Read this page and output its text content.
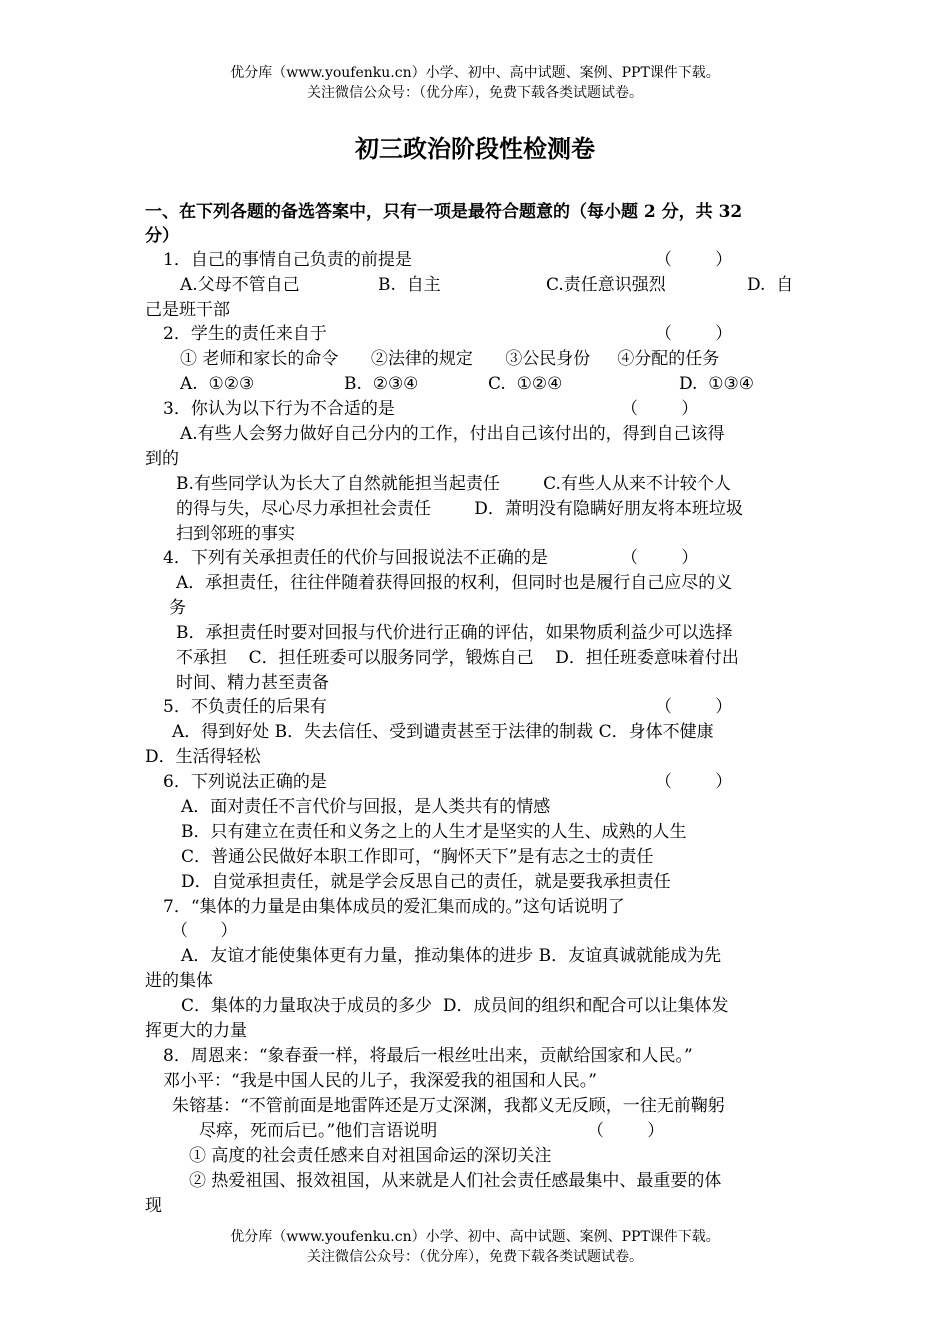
优分库（www.youfenku.cn）小学、初中、高中试题、案例、PPT课件下载。
关注微信公众号：（优分库），免费下载各类试题试卷。
初三政治阶段性检测卷
一、在下列各题的备选答案中，只有一项是最符合题意的（每小题 2 分，共 32
分）
1．自己的事情自己负责的前提是	（        ）
A.父母不管自己	B.  自主	C.责任意识强烈	D.  自
己是班干部
2．学生的责任来自于	（        ）
① 老师和家长的命令      ②法律的规定      ③公民身份     ④分配的任务
A.  ①②③	B.  ②③④	C.  ①②④	D.  ①③④
3．你认为以下行为不合适的是	（        ）
A.有些人会努力做好自己分内的工作，付出自己该付出的，得到自己该得
到的
B.有些同学认为长大了自然就能担当起责任        C.有些人从来不计较个人
的得与失，尽心尽力承担社会责任        D．萧明没有隐瞒好朋友将本班垃圾
扫到邻班的事实
4．下列有关承担责任的代价与回报说法不正确的是	（        ）
A．承担责任，往往伴随着获得回报的权利，但同时也是履行自己应尽的义
务
B．承担责任时要对回报与代价进行正确的评估，如果物质利益少可以选择
不承担    C．担任班委可以服务同学，锻炼自己    D．担任班委意味着付出
时间、精力甚至责备
5．不负责任的后果有	（        ）
A．得到好处 B．失去信任、受到谴责甚至于法律的制裁 C．身体不健康
D．生活得轻松
6．下列说法正确的是	（        ）
A．面对责任不言代价与回报，是人类共有的情感
B．只有建立在责任和义务之上的人生才是坚实的人生、成熟的人生
C．普通公民做好本职工作即可，“胸怀天下”是有志之士的责任
D．自觉承担责任，就是学会反思自己的责任，就是要我承担责任
7．“集体的力量是由集体成员的爱汇集而成的。”这句话说明了
（      ）
A．友谊才能使集体更有力量，推动集体的进步 B．友谊真诚就能成为先
进的集体
C．集体的力量取决于成员的多少  D．成员间的组织和配合可以让集体发
挥更大的力量
8．周恩来：“象春蚕一样，将最后一根丝吐出来，贡献给国家和人民。”
邓小平：“我是中国人民的儿子，我深爱我的祖国和人民。”
朱镕基：“不管前面是地雷阵还是万丈深渊，我都义无反顾，一往无前鞠躬
尽瘁，死而后已。”他们言语说明	（        ）
① 高度的社会责任感来自对祖国命运的深切关注
② 热爱祖国、报效祖国，从来就是人们社会责任感最集中、最重要的体
现
优分库（www.youfenku.cn）小学、初中、高中试题、案例、PPT课件下载。
关注微信公众号：（优分库），免费下载各类试题试卷。
